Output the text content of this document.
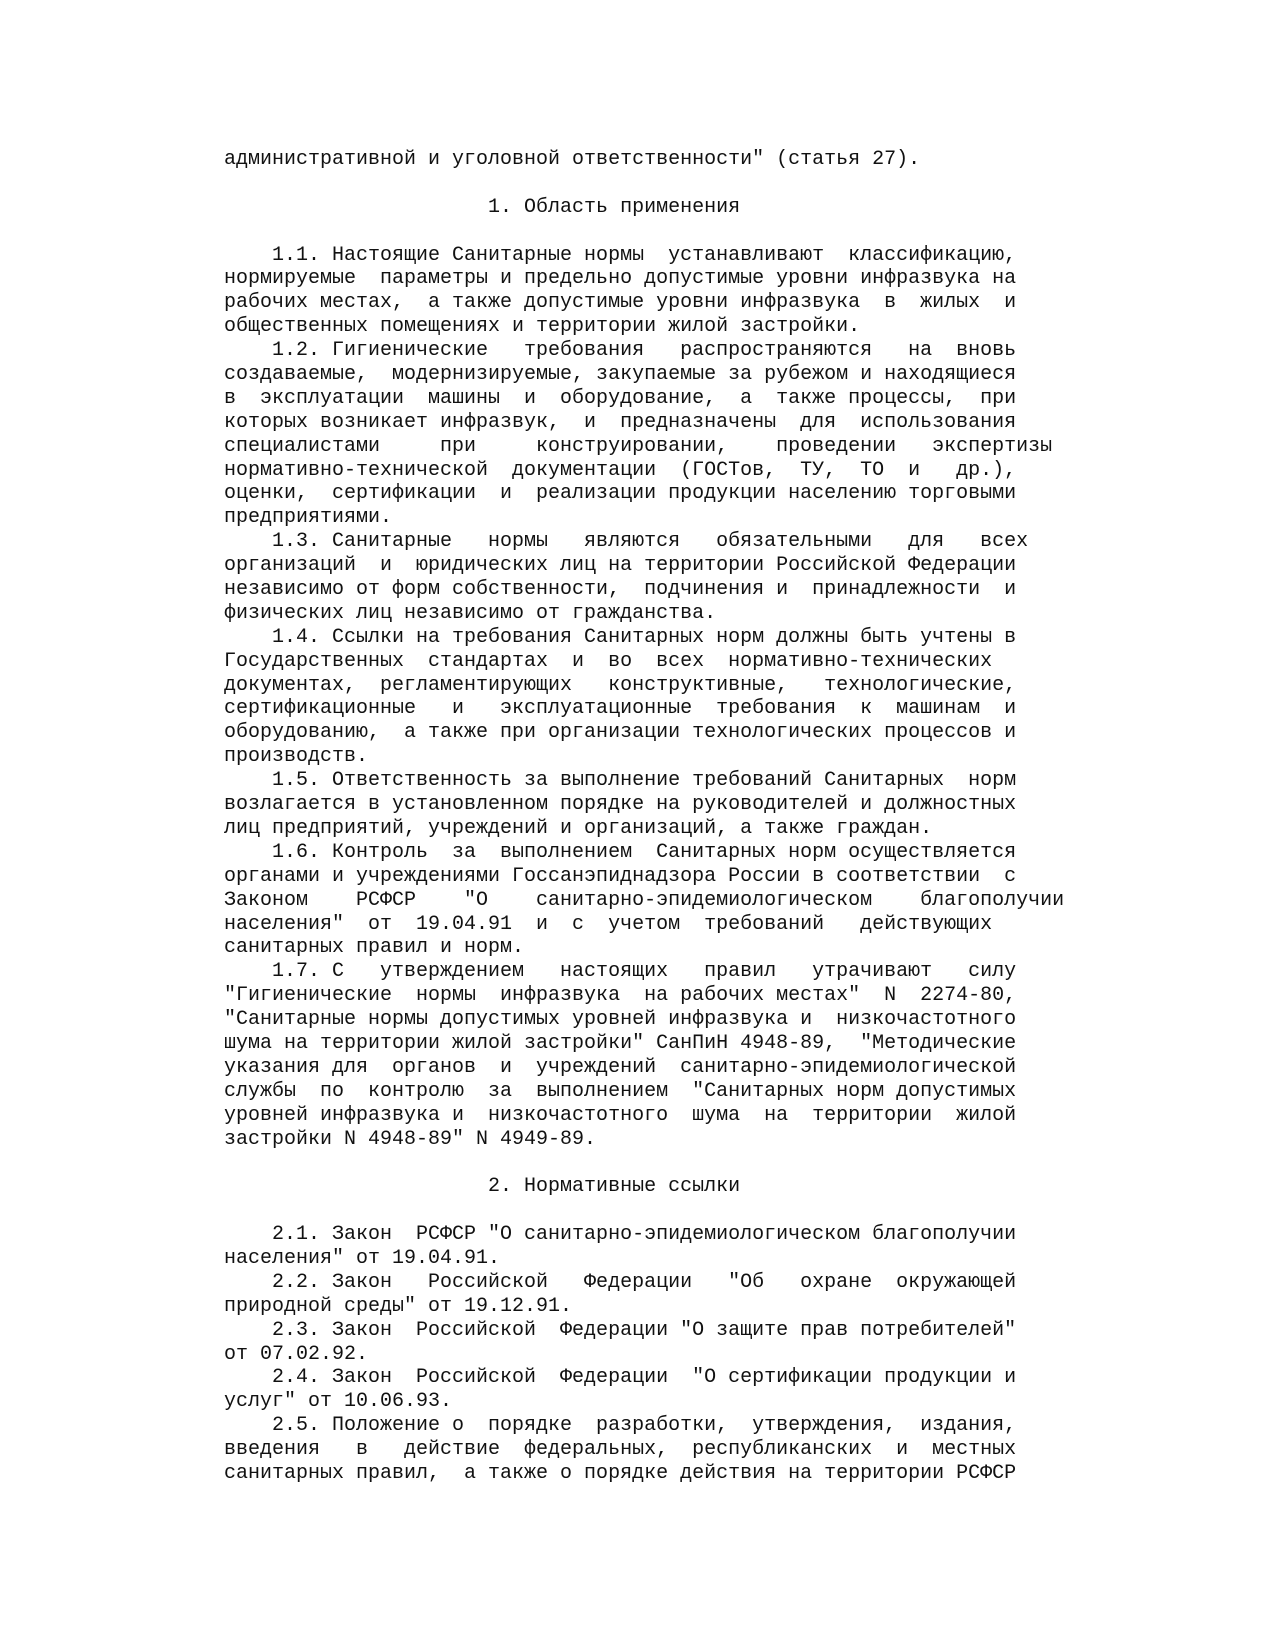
административной и уголовной ответственности" (статья 27).
1. Область применения
1.1. Настоящие Санитарные нормы  устанавливают  классификацию,
нормируемые  параметры и предельно допустимые уровни инфразвука на
рабочих местах,  а также допустимые уровни инфразвука  в  жилых  и
общественных помещениях и территории жилой застройки.
1.2. Гигиенические   требования   распространяются   на  вновь
создаваемые,  модернизируемые, закупаемые за рубежом и находящиеся
в  эксплуатации  машины  и  оборудование,  а  также процессы,  при
которых возникает инфразвук,  и  предназначены  для  использования
специалистами     при     конструировании,    проведении   экспертизы
нормативно-технической  документации  (ГОСТов,  ТУ,  ТО  и   др.),
оценки,  сертификации  и  реализации продукции населению торговыми
предприятиями.
1.3. Санитарные   нормы   являются   обязательными   для   всех
организаций  и  юридических лиц на территории Российской Федерации
независимо от форм собственности,  подчинения и  принадлежности  и
физических лиц независимо от гражданства.
1.4. Ссылки на требования Санитарных норм должны быть учтены в
Государственных  стандартах  и  во  всех  нормативно-технических
документах,  регламентирующих   конструктивные,   технологические,
сертификационные   и   эксплуатационные  требования  к  машинам  и
оборудованию,  а также при организации технологических процессов и
производств.
1.5. Ответственность за выполнение требований Санитарных  норм
возлагается в установленном порядке на руководителей и должностных
лиц предприятий, учреждений и организаций, а также граждан.
1.6. Контроль  за  выполнением  Санитарных норм осуществляется
органами и учреждениями Госсанэпиднадзора России в соответствии  с
Законом    РСФСР    "О    санитарно-эпидемиологическом    благополучии
населения"  от  19.04.91  и  с  учетом  требований   действующих
санитарных правил и норм.
1.7. С   утверждением   настоящих   правил   утрачивают   силу
"Гигиенические  нормы  инфразвука  на рабочих местах"  N  2274-80,
"Санитарные нормы допустимых уровней инфразвука и  низкочастотного
шума на территории жилой застройки" СанПиН 4948-89,  "Методические
указания для  органов  и  учреждений  санитарно-эпидемиологической
службы  по  контролю  за  выполнением  "Санитарных норм допустимых
уровней инфразвука и  низкочастотного  шума  на  территории  жилой
застройки N 4948-89" N 4949-89.
2. Нормативные ссылки
2.1. Закон  РСФСР "О санитарно-эпидемиологическом благополучии
населения" от 19.04.91.
2.2. Закон   Российской   Федерации   "Об   охране  окружающей
природной среды" от 19.12.91.
2.3. Закон  Российской  Федерации "О защите прав потребителей"
от 07.02.92.
2.4. Закон  Российской  Федерации  "О сертификации продукции и
услуг" от 10.06.93.
2.5. Положение о  порядке  разработки,  утверждения,  издания,
введения   в   действие  федеральных,  республиканских  и  местных
санитарных правил,  а также о порядке действия на территории РСФСР
